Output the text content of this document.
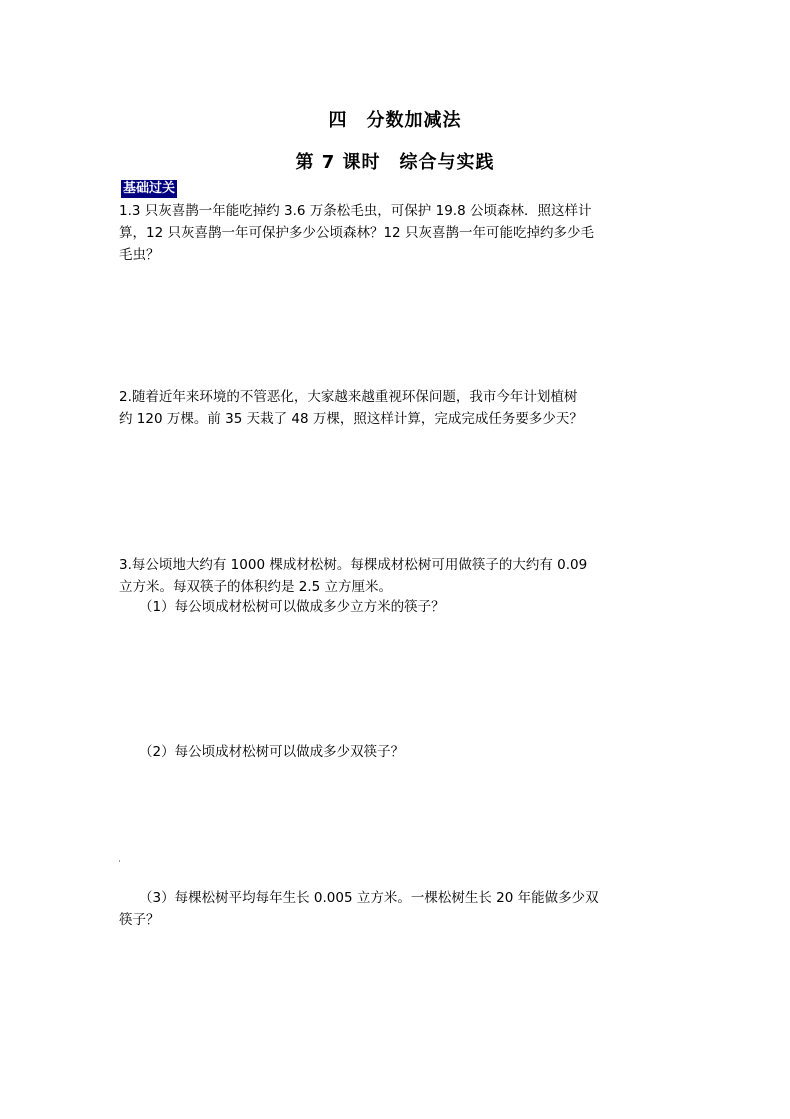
四　分数加减法
第 7 课时　综合与实践
基础过关
1.3 只灰喜鹊一年能吃掉约 3.6 万条松毛虫，可保护 19.8 公顷森林．照这样计
算，12 只灰喜鹊一年可保护多少公顷森林？12 只灰喜鹊一年可能吃掉约多少毛
毛虫？
2.随着近年来环境的不管恶化，大家越来越重视环保问题，我市今年计划植树
约 120 万棵。前 35 天栽了 48 万棵，照这样计算，完成完成任务要多少天？
3.每公顷地大约有 1000 棵成材松树。每棵成材松树可用做筷子的大约有 0.09
立方米。每双筷子的体积约是 2.5 立方厘米。
（1）每公顷成材松树可以做成多少立方米的筷子？
（2）每公顷成材松树可以做成多少双筷子？
（3）每棵松树平均每年生长 0.005 立方米。一棵松树生长 20 年能做多少双
筷子？
